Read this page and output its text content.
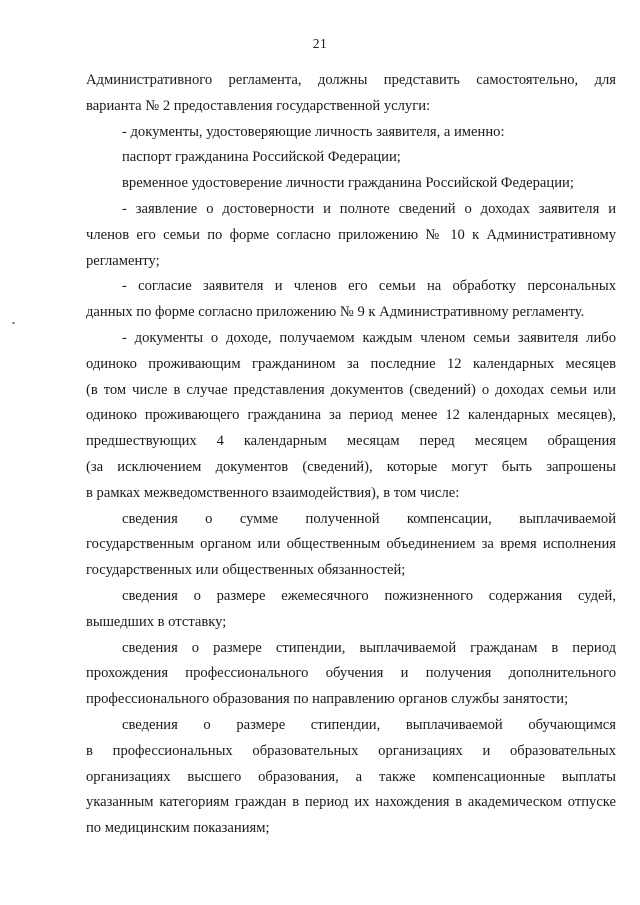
21
Административного регламента, должны представить самостоятельно, для
варианта № 2 предоставления государственной услуги:
- документы, удостоверяющие личность заявителя, а именно:
паспорт гражданина Российской Федерации;
временное удостоверение личности гражданина Российской Федерации;
- заявление о достоверности и полноте сведений о доходах заявителя и
членов его семьи по форме согласно приложению № 10 к Административному
регламенту;
- согласие заявителя и членов его семьи на обработку персональных
данных по форме согласно приложению № 9 к Административному регламенту.
- документы о доходе, получаемом каждым членом семьи заявителя либо
одиноко проживающим гражданином за последние 12 календарных месяцев
(в том числе в случае представления документов (сведений) о доходах семьи или
одиноко проживающего гражданина за период менее 12 календарных месяцев),
предшествующих 4 календарным месяцам перед месяцем обращения
(за исключением документов (сведений), которые могут быть запрошены
в рамках межведомственного взаимодействия), в том числе:
сведения о сумме полученной компенсации, выплачиваемой
государственным органом или общественным объединением за время исполнения
государственных или общественных обязанностей;
сведения о размере ежемесячного пожизненного содержания судей,
вышедших в отставку;
сведения о размере стипендии, выплачиваемой гражданам в период
прохождения профессионального обучения и получения дополнительного
профессионального образования по направлению органов службы занятости;
сведения о размере стипендии, выплачиваемой обучающимся
в профессиональных образовательных организациях и образовательных
организациях высшего образования, а также компенсационные выплаты
указанным категориям граждан в период их нахождения в академическом отпуске
по медицинским показаниям;
